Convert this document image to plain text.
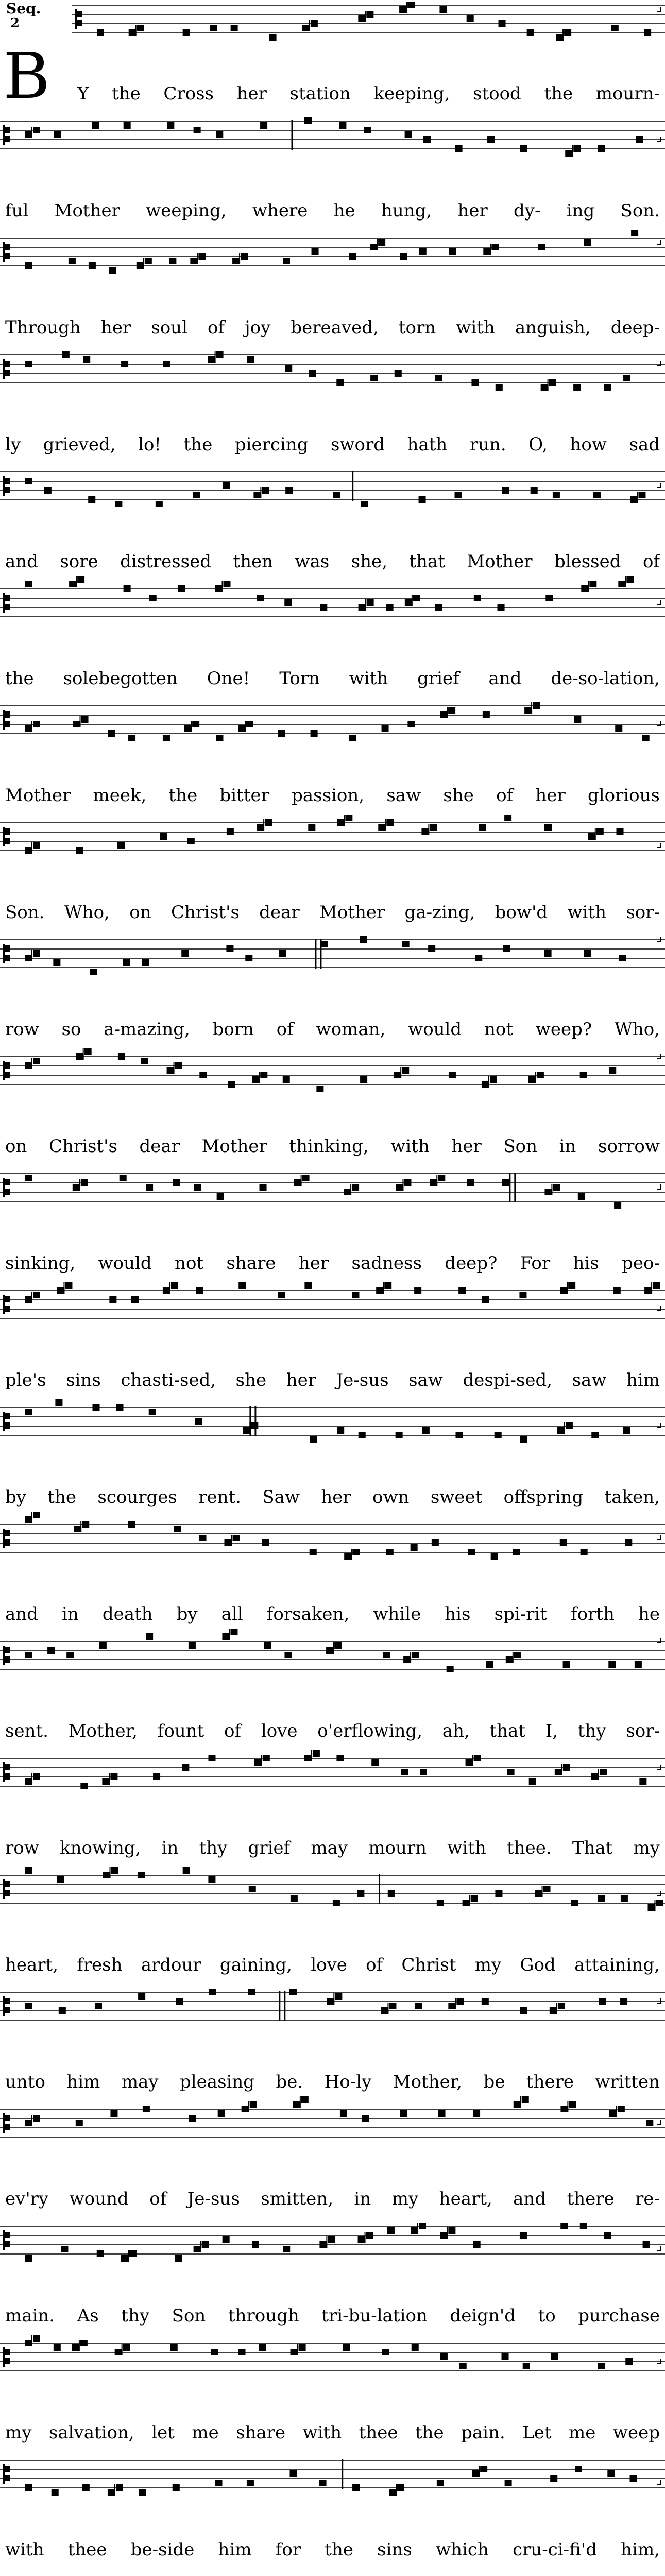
Seq.
2
B Y the Cross her station keeping, stood the mourn-
ful Mother weeping, where he hung, her dy- ing Son.
Through her soul of joy bereaved, torn with anguish, deep-
ly grieved, lo! the piercing sword hath run. O, how sad
and sore distressed then was she, that Mother blessed of
the solebegotten One! Torn with grief and de-so-lation,
Mother meek, the bitter passion, saw she of her glorious
Son. Who, on Christ's dear Mother ga-zing, bow'd with sor-
row so a-mazing, born of woman, would not weep? Who,
on Christ's dear Mother thinking, with her Son in sorrow
sinking, would not share her sadness deep? For his peo-
ple's sins chasti-sed, she her Je-sus saw despi-sed, saw him
by the scourges rent. Saw her own sweet offspring taken,
and in death by all forsaken, while his spi-rit forth he
sent. Mother, fount of love o'erflowing, ah, that I, thy sor-
row knowing, in thy grief may mourn with thee. That my
heart, fresh ardour gaining, love of Christ my God attaining,
unto him may pleasing be. Ho-ly Mother, be there written
ev'ry wound of Je-sus smitten, in my heart, and there re-
main. As thy Son through tri-bu-lation deign'd to purchase
my salvation, let me share with thee the pain. Let me weep
with thee be-side him for the sins which cru-ci-fi'd him,
